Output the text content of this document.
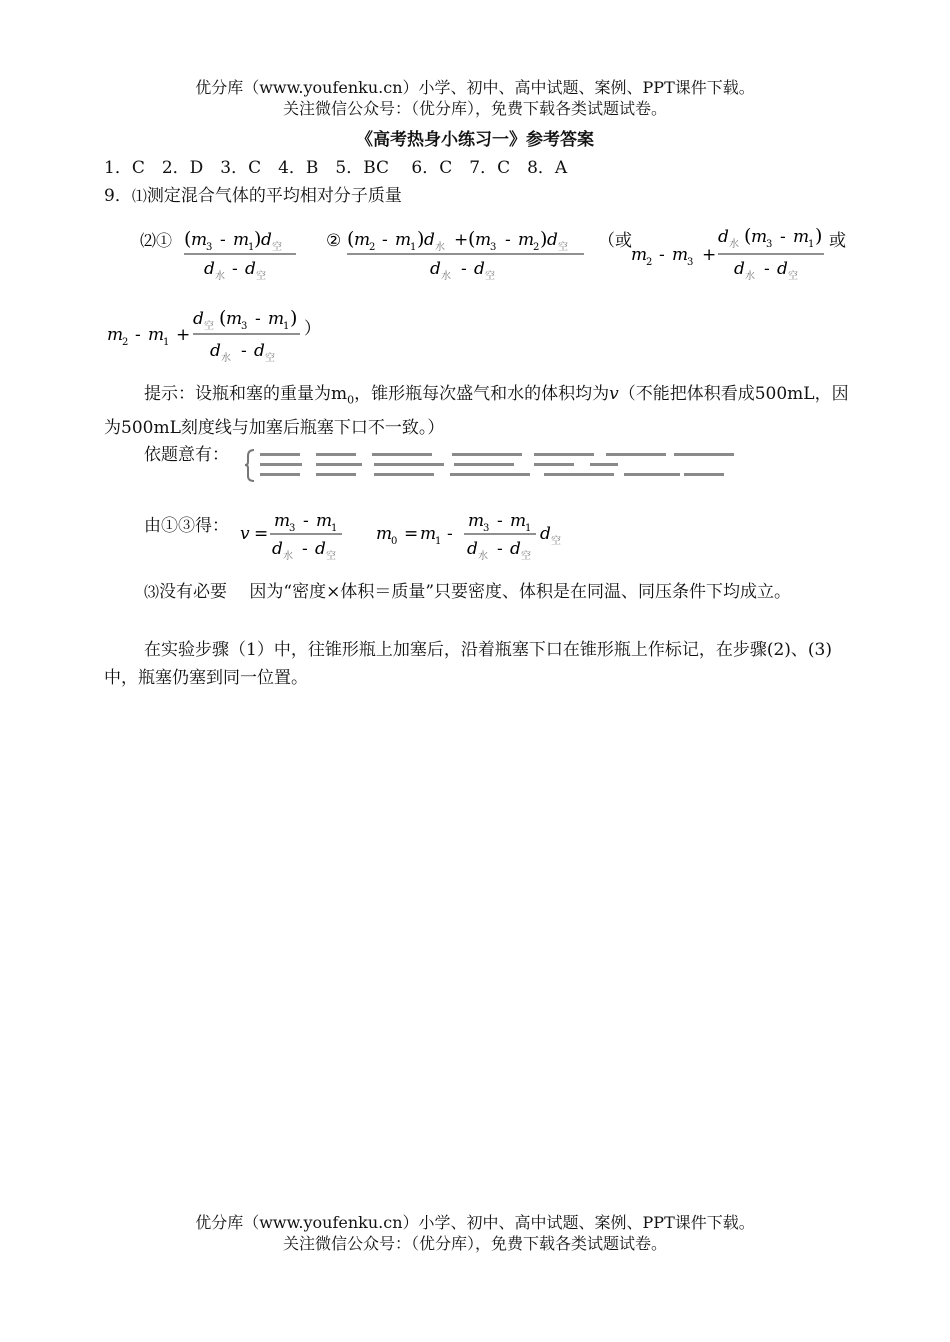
优分库（www.youfenku.cn）小学、初中、高中试题、案例、PPT课件下载。
关注微信公众号：（优分库），免费下载各类试题试卷。
《高考热身小练习一》参考答案
1．C　2．D　3．C　4．B　5．BC　 6．C　7．C　8．A
9．⑴测定混合气体的平均相对分子质量
⑵① ( m
3 - m
1 ) d 空
d 水 - d 空
② ( m
2 - m
1 ) d 水 + ( m
3 - m
2 ) d 空
d 水 - d 空
（或
m
2 - m
3 +
d 水 ( m
3 - m
1 )
d 水 - d 空
或
m
2 - m
1 +
d 空 ( m
3 - m
1 )
d 水 - d 空
）
提示：设瓶和塞的重量为$m_0$，锥形瓶每次盛气和水的体积均为v（不能把体积看成500mL，因为500mL刻度线与加塞后瓶塞下口不一致。）
依题意有：
由①③得： v =
m
3 - m
1
d 水 - d 空
m
0 = m
1 -
m
3 - m
1
d 水 - d 空
d 空
⑶没有必要　 因为“密度×体积＝质量”只要密度、体积是在同温、同压条件下均成立。
在实验步骤（1）中，往锥形瓶上加塞后，沿着瓶塞下口在锥形瓶上作标记，在步骤(2)、(3)中，瓶塞仍塞到同一位置。
优分库（www.youfenku.cn）小学、初中、高中试题、案例、PPT课件下载。
关注微信公众号：（优分库），免费下载各类试题试卷。
